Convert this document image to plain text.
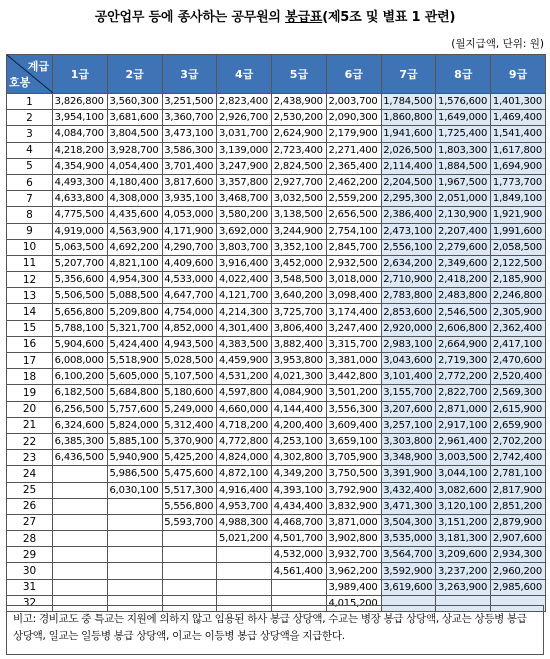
공안업무 등에 종사하는 공무원의 봉급표(제5조 및 별표 1 관련)
(월지급액, 단위: 원)
계급
호봉	1급	2급	3급	4급	5급	6급	7급	8급	9급
1	3,826,800	3,560,300	3,251,500	2,823,400	2,438,900	2,003,700	1,784,500	1,576,600	1,401,300
2	3,954,100	3,681,600	3,360,700	2,926,700	2,530,200	2,090,300	1,860,800	1,649,000	1,469,400
3	4,084,700	3,804,500	3,473,100	3,031,700	2,624,900	2,179,900	1,941,600	1,725,400	1,541,400
4	4,218,200	3,928,700	3,586,300	3,139,000	2,723,400	2,271,400	2,026,500	1,803,300	1,617,800
5	4,354,900	4,054,400	3,701,400	3,247,900	2,824,500	2,365,400	2,114,400	1,884,500	1,694,900
6	4,493,300	4,180,400	3,817,600	3,357,800	2,927,700	2,462,200	2,204,500	1,967,500	1,773,700
7	4,633,800	4,308,000	3,935,100	3,468,700	3,032,500	2,559,200	2,295,300	2,051,000	1,849,100
8	4,775,500	4,435,600	4,053,000	3,580,200	3,138,500	2,656,500	2,386,400	2,130,900	1,921,900
9	4,919,000	4,563,900	4,171,900	3,692,000	3,244,900	2,754,100	2,473,100	2,207,400	1,991,600
10	5,063,500	4,692,200	4,290,700	3,803,700	3,352,100	2,845,700	2,556,100	2,279,600	2,058,500
11	5,207,700	4,821,100	4,409,600	3,916,400	3,452,000	2,932,500	2,634,200	2,349,600	2,122,500
12	5,356,600	4,954,300	4,533,000	4,022,400	3,548,500	3,018,000	2,710,900	2,418,200	2,185,900
13	5,506,500	5,088,500	4,647,700	4,121,700	3,640,200	3,098,400	2,783,800	2,483,800	2,246,800
14	5,656,800	5,209,800	4,754,000	4,214,300	3,725,700	3,174,400	2,853,600	2,546,500	2,305,900
15	5,788,100	5,321,700	4,852,000	4,301,400	3,806,400	3,247,400	2,920,000	2,606,800	2,362,400
16	5,904,600	5,424,400	4,943,500	4,383,500	3,882,400	3,315,700	2,983,100	2,664,900	2,417,100
17	6,008,000	5,518,900	5,028,500	4,459,900	3,953,800	3,381,000	3,043,600	2,719,300	2,470,600
18	6,100,200	5,605,000	5,107,500	4,531,200	4,021,300	3,442,800	3,101,400	2,772,200	2,520,400
19	6,182,500	5,684,800	5,180,600	4,597,800	4,084,900	3,501,200	3,155,700	2,822,700	2,569,300
20	6,256,500	5,757,600	5,249,000	4,660,000	4,144,400	3,556,300	3,207,600	2,871,000	2,615,900
21	6,324,600	5,824,000	5,312,400	4,718,200	4,200,400	3,609,400	3,257,100	2,917,100	2,659,900
22	6,385,300	5,885,100	5,370,900	4,772,800	4,253,100	3,659,100	3,303,800	2,961,400	2,702,200
23	6,436,500	5,940,900	5,425,200	4,824,000	4,302,800	3,705,900	3,348,900	3,003,500	2,742,400
24		5,986,500	5,475,600	4,872,100	4,349,200	3,750,500	3,391,900	3,044,100	2,781,100
25		6,030,100	5,517,300	4,916,400	4,393,100	3,792,900	3,432,400	3,082,600	2,817,900
26			5,556,800	4,953,700	4,434,400	3,832,900	3,471,300	3,120,100	2,851,200
27			5,593,700	4,988,300	4,468,700	3,871,000	3,504,300	3,151,200	2,879,900
28				5,021,200	4,501,700	3,902,800	3,535,000	3,181,300	2,907,600
29					4,532,000	3,932,700	3,564,700	3,209,600	2,934,300
30					4,561,400	3,962,200	3,592,900	3,237,200	2,960,200
31						3,989,400	3,619,600	3,263,900	2,985,600
32						4,015,200			
비고: 경비교도 중 특교는 지원에 의하지 않고 임용된 하사 봉급 상당액, 수교는 병장 봉급 상당액, 상교는 상등병 봉급 상당액, 일교는 일등병 봉급 상당액, 이교는 이등병 봉급 상당액을 지급한다.
